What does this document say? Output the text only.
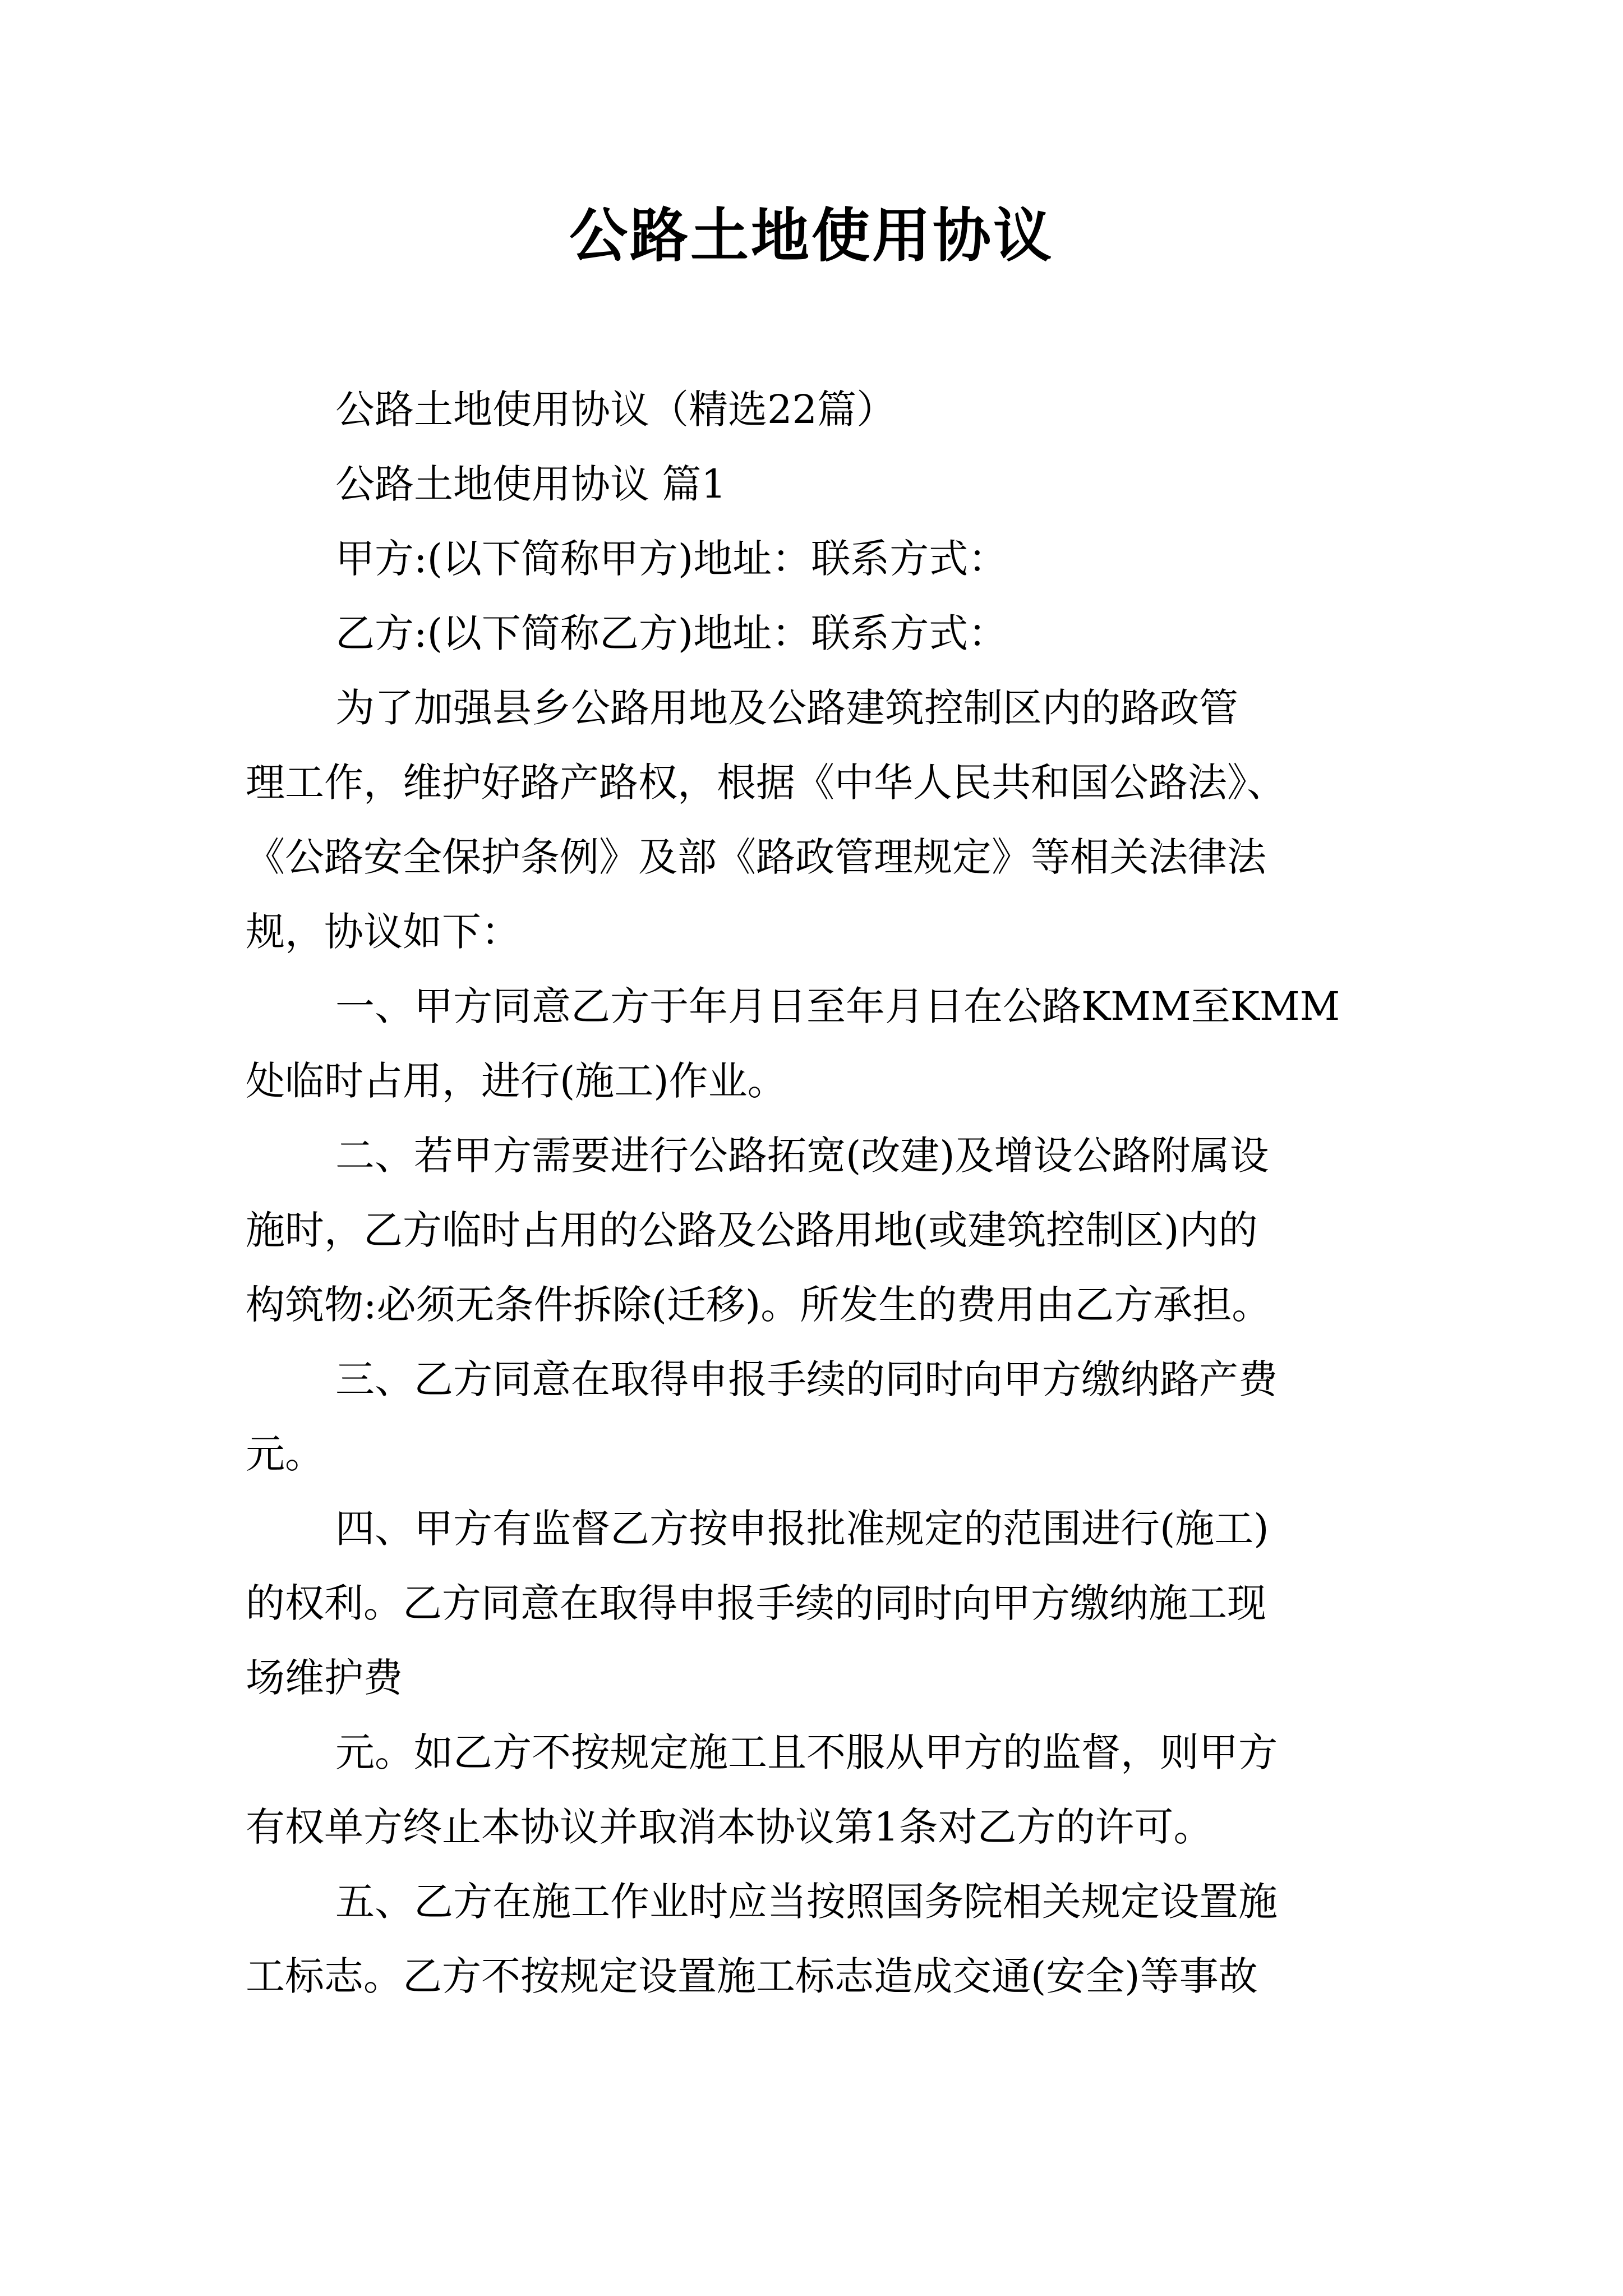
公路土地使用协议
公路土地使用协议（精选22篇）
公路土地使用协议 篇1
甲方:(以下简称甲方)地址：联系方式：
乙方:(以下简称乙方)地址：联系方式：
为了加强县乡公路用地及公路建筑控制区内的路政管
理工作，维护好路产路权，根据《中华人民共和国公路法》、
《公路安全保护条例》及部《路政管理规定》等相关法律法
规，协议如下：
一、甲方同意乙方于年月日至年月日在公路KMM至KMM
处临时占用，进行(施工)作业。
二、若甲方需要进行公路拓宽(改建)及增设公路附属设
施时，乙方临时占用的公路及公路用地(或建筑控制区)内的
构筑物:必须无条件拆除(迁移)。所发生的费用由乙方承担。
三、乙方同意在取得申报手续的同时向甲方缴纳路产费
元。
四、甲方有监督乙方按申报批准规定的范围进行(施工)
的权利。乙方同意在取得申报手续的同时向甲方缴纳施工现
场维护费
元。如乙方不按规定施工且不服从甲方的监督，则甲方
有权单方终止本协议并取消本协议第1条对乙方的许可。
五、乙方在施工作业时应当按照国务院相关规定设置施
工标志。乙方不按规定设置施工标志造成交通(安全)等事故
